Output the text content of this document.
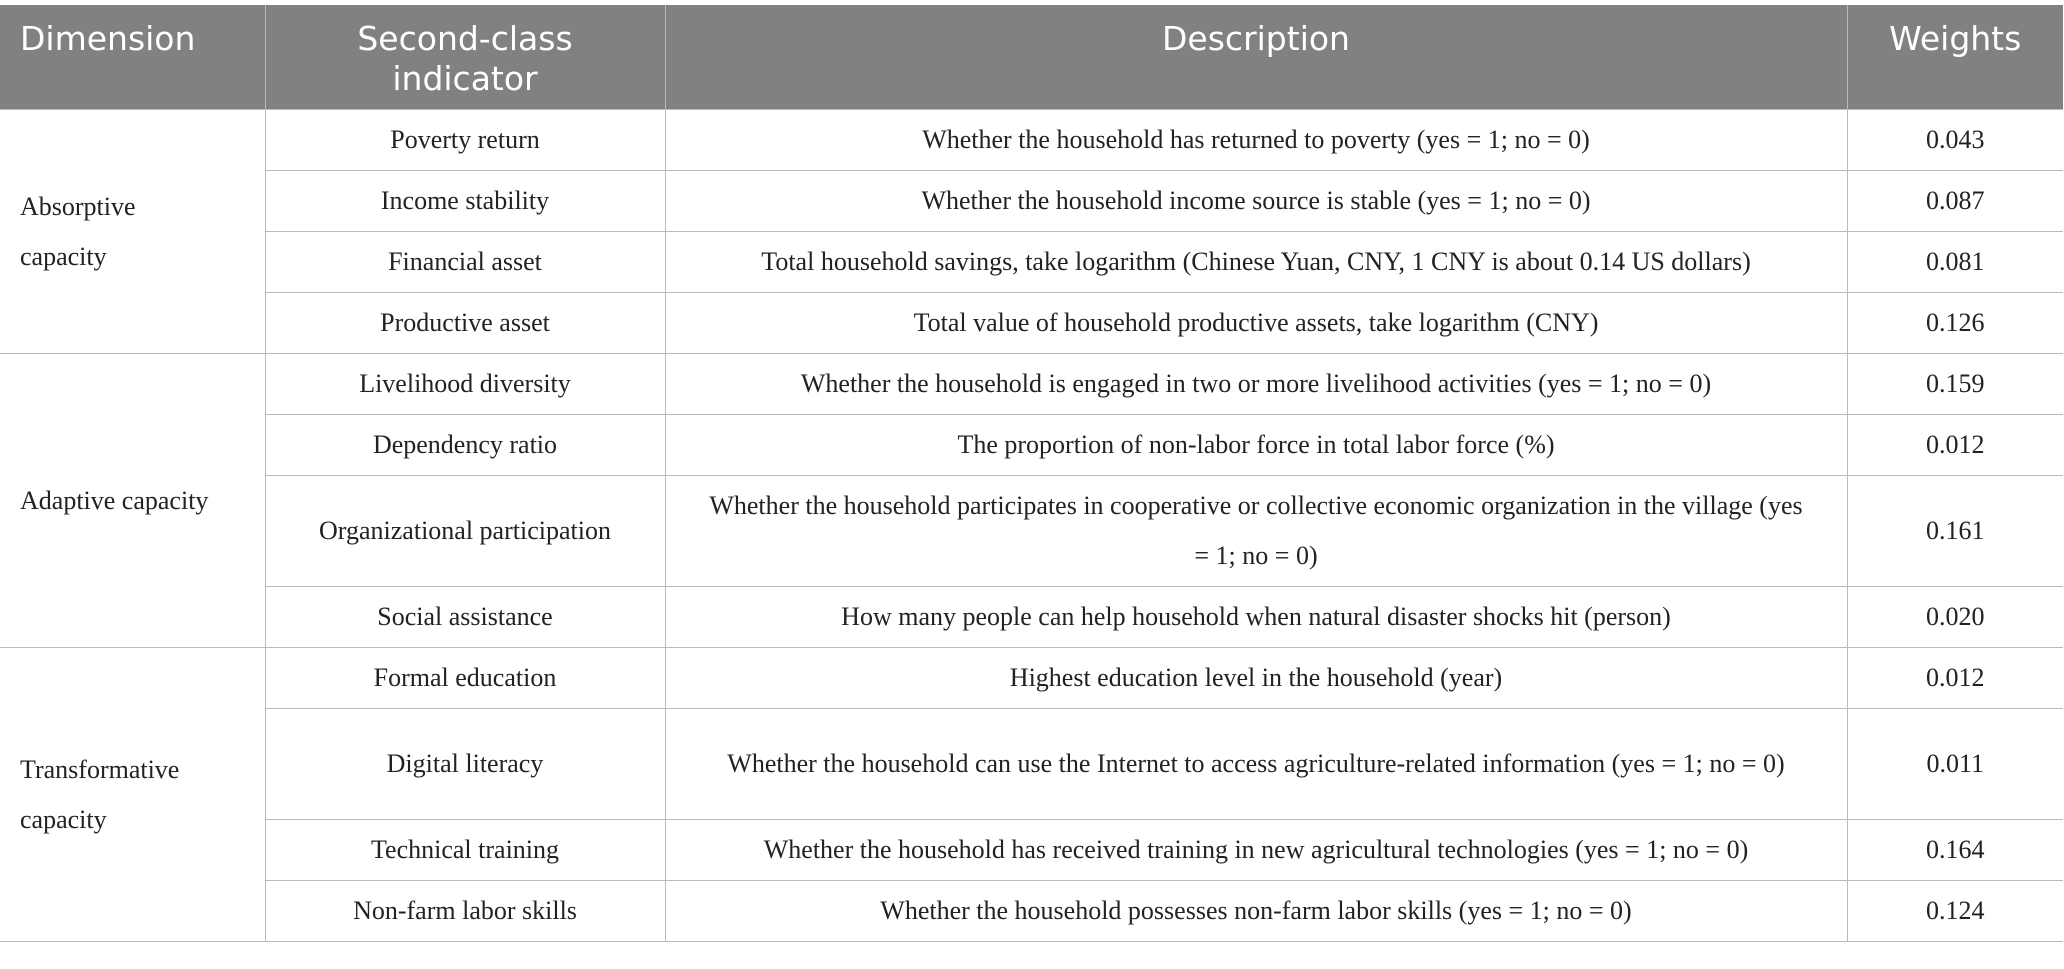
Dimension	Second-class indicator	Description	Weights
Absorptive capacity	Poverty return	Whether the household has returned to poverty (yes = 1; no = 0)	0.043
	Income stability	Whether the household income source is stable (yes = 1; no = 0)	0.087
	Financial asset	Total household savings, take logarithm (Chinese Yuan, CNY, 1 CNY is about 0.14 US dollars)	0.081
	Productive asset	Total value of household productive assets, take logarithm (CNY)	0.126
Adaptive capacity	Livelihood diversity	Whether the household is engaged in two or more livelihood activities (yes = 1; no = 0)	0.159
	Dependency ratio	The proportion of non-labor force in total labor force (%)	0.012
	Organizational participation	Whether the household participates in cooperative or collective economic organization in the village (yes = 1; no = 0)	0.161
	Social assistance	How many people can help household when natural disaster shocks hit (person)	0.020
Transformative capacity	Formal education	Highest education level in the household (year)	0.012
	Digital literacy	Whether the household can use the Internet to access agriculture-related information (yes = 1; no = 0)	0.011
	Technical training	Whether the household has received training in new agricultural technologies (yes = 1; no = 0)	0.164
	Non-farm labor skills	Whether the household possesses non-farm labor skills (yes = 1; no = 0)	0.124
